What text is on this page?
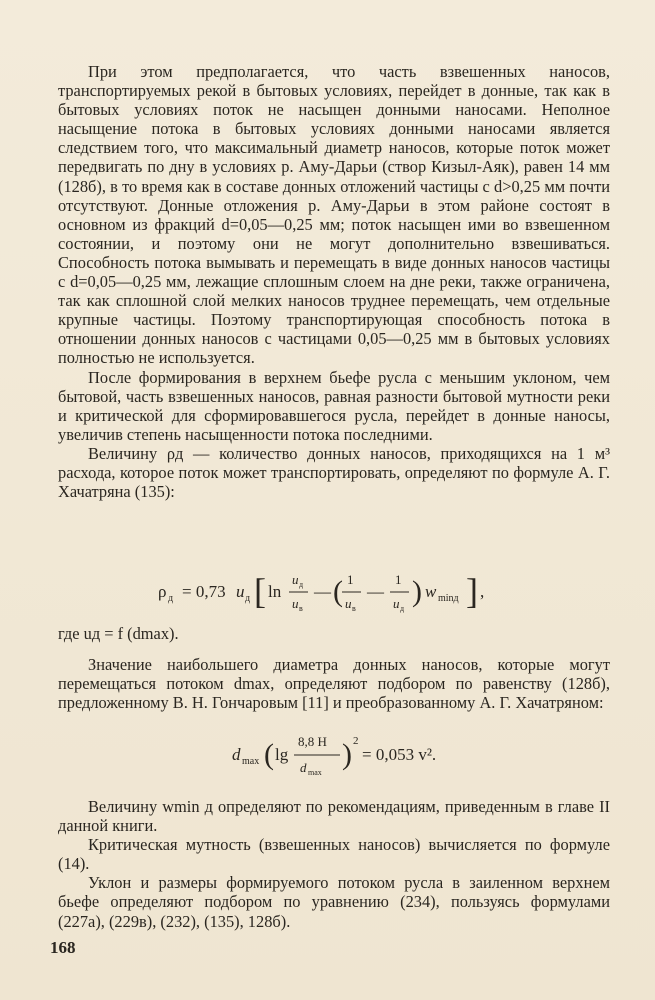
При этом предполагается, что часть взвешенных наносов, транспортируемых рекой в бытовых условиях, перейдет в донные, так как в бытовых условиях поток не насыщен донными наносами. Неполное насыщение потока в бытовых условиях донными наносами является следствием того, что максимальный диаметр наносов, которые поток может передвигать по дну в условиях р. Аму-Дарьи (створ Кизыл-Аяк), равен 14 мм (128б), в то время как в составе донных отложений частицы с d>0,25 мм почти отсутствуют. Донные отложения р. Аму-Дарьи в этом районе состоят в основном из фракций d=0,05—0,25 мм; поток насыщен ими во взвешенном состоянии, и поэтому они не могут дополнительно взвешиваться. Способность потока вымывать и перемещать в виде донных наносов частицы с d=0,05—0,25 мм, лежащие сплошным слоем на дне реки, также ограничена, так как сплошной слой мелких наносов труднее перемещать, чем отдельные крупные частицы. Поэтому транспортирующая способность потока в отношении донных наносов с частицами 0,05—0,25 мм в бытовых условиях полностью не используется.

После формирования в верхнем бьефе русла с меньшим уклоном, чем бытовой, часть взвешенных наносов, равная разности бытовой мутности реки и критической для сформировавшегося русла, перейдет в донные наносы, увеличив степень насыщенности потока последними.

Величину ρд — количество донных наносов, приходящихся на 1 м³ расхода, которое поток может транспортировать, определяют по формуле А. Г. Хачатряна (135):

ρ д = 0,73 u д [ ln
u д
u в
— ( 1
u в
—
1
u д
) w minд ] ,

где uд = f (dmax).

Значение наибольшего диаметра донных наносов, которые могут перемещаться потоком dmax, определяют подбором по равенству (128б), предложенному В. Н. Гончаровым [11] и преобразованному А. Г. Хачатряном:

d max ( lg
8,8 H
d max
) 2
= 0,053 v².

Величину wmin д определяют по рекомендациям, приведенным в главе II данной книги.

Критическая мутность (взвешенных наносов) вычисляется по формуле (14).

Уклон и размеры формируемого потоком русла в заиленном верхнем бьефе определяют подбором по уравнению (234), пользуясь формулами (227а), (229в), (232), (135), 128б).

168
